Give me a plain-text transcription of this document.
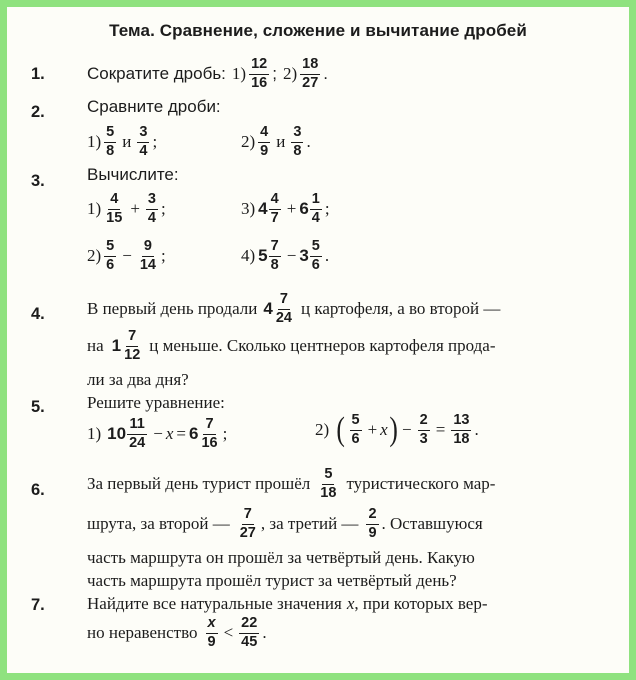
Тема. Сравнение, сложение и вычитание дробей
1. Сократите дробь: $1) \frac{12}{16}$ ; $2) \frac{18}{27}$ .
2. Сравните дроби:
$1) \frac{5}{8}$ и $\frac{3}{4}$ ;	$2) \frac{4}{9}$ и $\frac{3}{8}$ .
3. Вычислите:
$1) \frac{4}{15} + \frac{3}{4}$ ;	3) $4 \frac{4}{7} + 6 \frac{1}{4}$ ;
$2) \frac{5}{6} - \frac{9}{14}$ ;	4) $5 \frac{7}{8} - 3 \frac{5}{6}$ .
4. В первый день продали $4 \frac{7}{24}$ ц картофеля, а во второй —
на $1 \frac{7}{12}$ ц меньше. Сколько центнеров картофеля прода-
ли за два дня?
5. Решите уравнение:
1) $10 \frac{11}{24} - x = 6 \frac{7}{16}$ ;	2) ( $\frac{5}{6} + x$ ) − $\frac{2}{3} = \frac{13}{18}$ .
6. За первый день турист прошёл $\frac{5}{18}$ туристического мар-
шрута, за второй — $\frac{7}{27}$ , за третий — $\frac{2}{9}$ . Оставшуюся
часть маршрута он прошёл за четвёртый день. Какую
часть маршрута прошёл турист за четвёртый день?
7. Найдите все натуральные значения x , при которых вер-
но неравенство $\frac{x}{9} < \frac{22}{45}$ .
